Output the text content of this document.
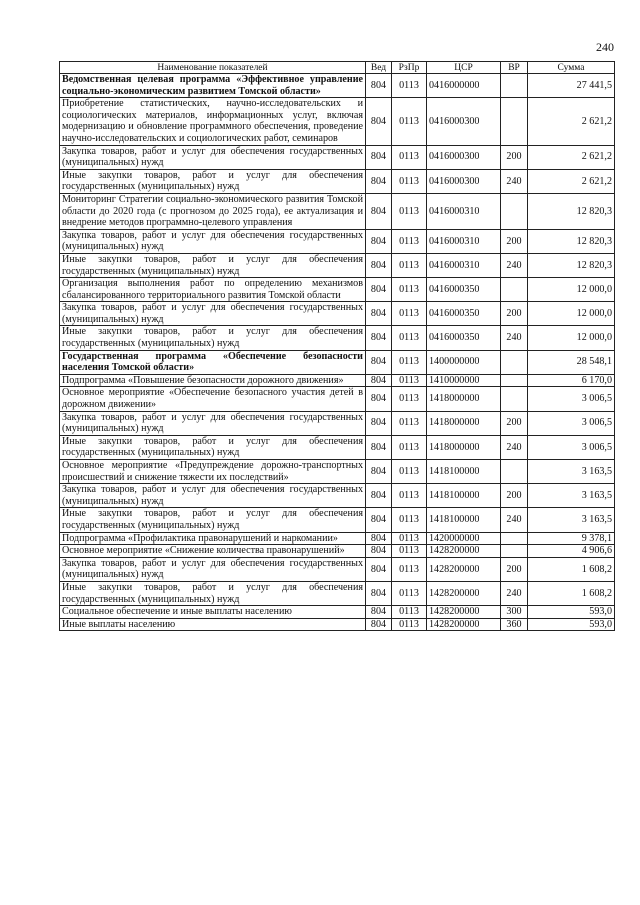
240
Наименование показателей	Вед	РзПр	ЦСР	ВР	Сумма
Ведомственная целевая программа «Эффективное управление социально-экономическим развитием Томской области»	804	0113	0416000000		27 441,5
Приобретение статистических, научно-исследовательских и социологических материалов, информационных услуг, включая модернизацию и обновление программного обеспечения, проведение научно-исследовательских и социологических работ, семинаров	804	0113	0416000300		2 621,2
Закупка товаров, работ и услуг для обеспечения государственных (муниципальных) нужд	804	0113	0416000300	200	2 621,2
Иные закупки товаров, работ и услуг для обеспечения государственных (муниципальных) нужд	804	0113	0416000300	240	2 621,2
Мониторинг Стратегии социально-экономического развития Томской области до 2020 года (с прогнозом до 2025 года), ее актуализация и внедрение методов программно-целевого управления	804	0113	0416000310		12 820,3
Закупка товаров, работ и услуг для обеспечения государственных (муниципальных) нужд	804	0113	0416000310	200	12 820,3
Иные закупки товаров, работ и услуг для обеспечения государственных (муниципальных) нужд	804	0113	0416000310	240	12 820,3
Организация выполнения работ по определению механизмов сбалансированного территориального развития Томской области	804	0113	0416000350		12 000,0
Закупка товаров, работ и услуг для обеспечения государственных (муниципальных) нужд	804	0113	0416000350	200	12 000,0
Иные закупки товаров, работ и услуг для обеспечения государственных (муниципальных) нужд	804	0113	0416000350	240	12 000,0
Государственная программа «Обеспечение безопасности населения Томской области»	804	0113	1400000000		28 548,1
Подпрограмма «Повышение безопасности дорожного движения»	804	0113	1410000000		6 170,0
Основное мероприятие «Обеспечение безопасного участия детей в дорожном движении»	804	0113	1418000000		3 006,5
Закупка товаров, работ и услуг для обеспечения государственных (муниципальных) нужд	804	0113	1418000000	200	3 006,5
Иные закупки товаров, работ и услуг для обеспечения государственных (муниципальных) нужд	804	0113	1418000000	240	3 006,5
Основное мероприятие «Предупреждение дорожно-транспортных происшествий и снижение тяжести их последствий»	804	0113	1418100000		3 163,5
Закупка товаров, работ и услуг для обеспечения государственных (муниципальных) нужд	804	0113	1418100000	200	3 163,5
Иные закупки товаров, работ и услуг для обеспечения государственных (муниципальных) нужд	804	0113	1418100000	240	3 163,5
Подпрограмма «Профилактика правонарушений и наркомании»	804	0113	1420000000		9 378,1
Основное мероприятие «Снижение количества правонарушений»	804	0113	1428200000		4 906,6
Закупка товаров, работ и услуг для обеспечения государственных (муниципальных) нужд	804	0113	1428200000	200	1 608,2
Иные закупки товаров, работ и услуг для обеспечения государственных (муниципальных) нужд	804	0113	1428200000	240	1 608,2
Социальное обеспечение и иные выплаты населению	804	0113	1428200000	300	593,0
Иные выплаты населению	804	0113	1428200000	360	593,0
